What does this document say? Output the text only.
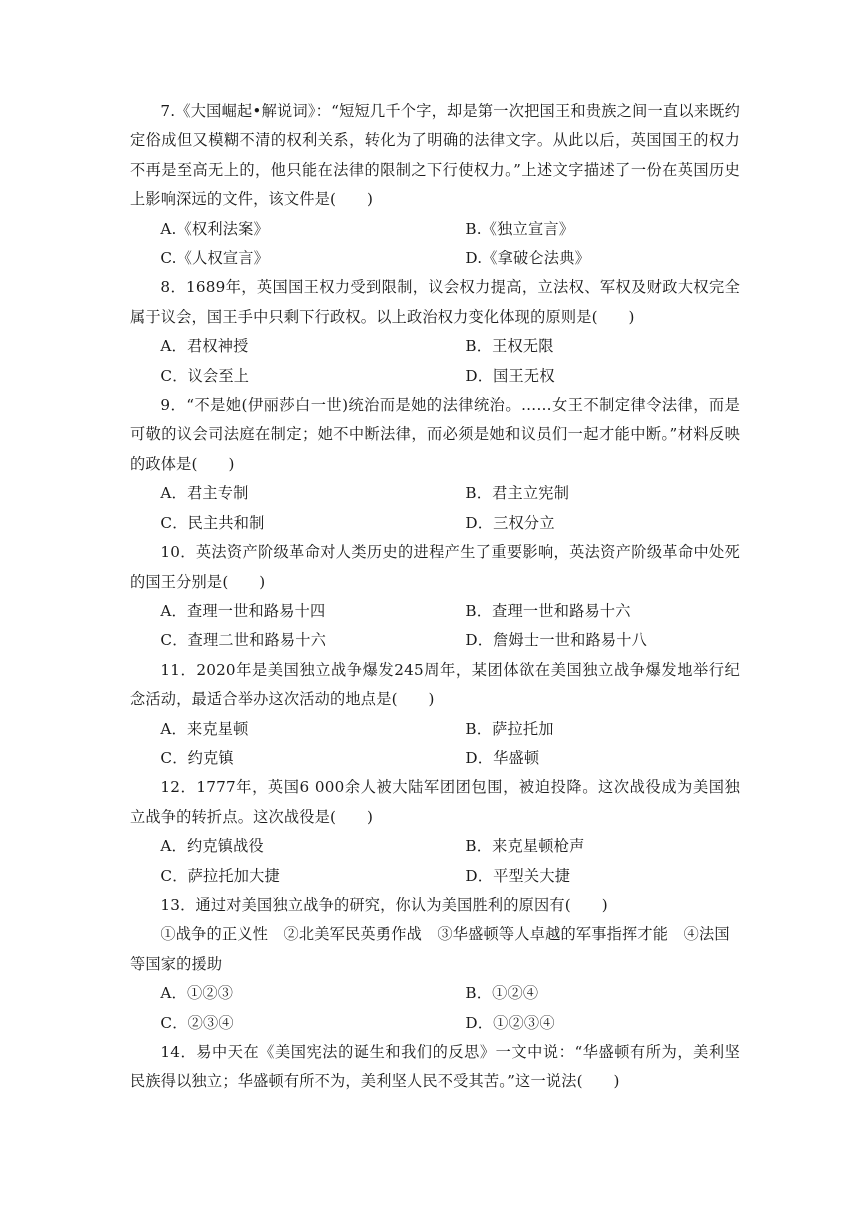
7.《大国崛起•解说词》：“短短几千个字，却是第一次把国王和贵族之间一直以来既约定俗成但又模糊不清的权利关系，转化为了明确的法律文字。从此以后，英国国王的权力不再是至高无上的，他只能在法律的限制之下行使权力。”上述文字描述了一份在英国历史上影响深远的文件，该文件是(　　)

A.《权利法案》	B.《独立宣言》
C.《人权宣言》	D.《拿破仑法典》

8．1689年，英国国王权力受到限制，议会权力提高，立法权、军权及财政大权完全属于议会，国王手中只剩下行政权。以上政治权力变化体现的原则是(　　)

A．君权神授	B．王权无限
C．议会至上	D．国王无权

9．“不是她(伊丽莎白一世)统治而是她的法律统治。……女王不制定律令法律，而是可敬的议会司法庭在制定；她不中断法律，而必须是她和议员们一起才能中断。”材料反映的政体是(　　)

A．君主专制	B．君主立宪制
C．民主共和制	D．三权分立

10．英法资产阶级革命对人类历史的进程产生了重要影响，英法资产阶级革命中处死的国王分别是(　　)

A．查理一世和路易十四	B．查理一世和路易十六
C．查理二世和路易十六	D．詹姆士一世和路易十八

11．2020年是美国独立战争爆发245周年，某团体欲在美国独立战争爆发地举行纪念活动，最适合举办这次活动的地点是(　　)

A．来克星顿	B．萨拉托加
C．约克镇	D．华盛顿

12．1777年，英国6 000余人被大陆军团团包围，被迫投降。这次战役成为美国独立战争的转折点。这次战役是(　　)

A．约克镇战役	B．来克星顿枪声
C．萨拉托加大捷	D．平型关大捷

13．通过对美国独立战争的研究，你认为美国胜利的原因有(　　)

①战争的正义性　②北美军民英勇作战　③华盛顿等人卓越的军事指挥才能　④法国等国家的援助

A．①②③	B．①②④
C．②③④	D．①②③④

14．易中天在《美国宪法的诞生和我们的反思》一文中说：“华盛顿有所为，美利坚民族得以独立；华盛顿有所不为，美利坚人民不受其苦。”这一说法(　　)
